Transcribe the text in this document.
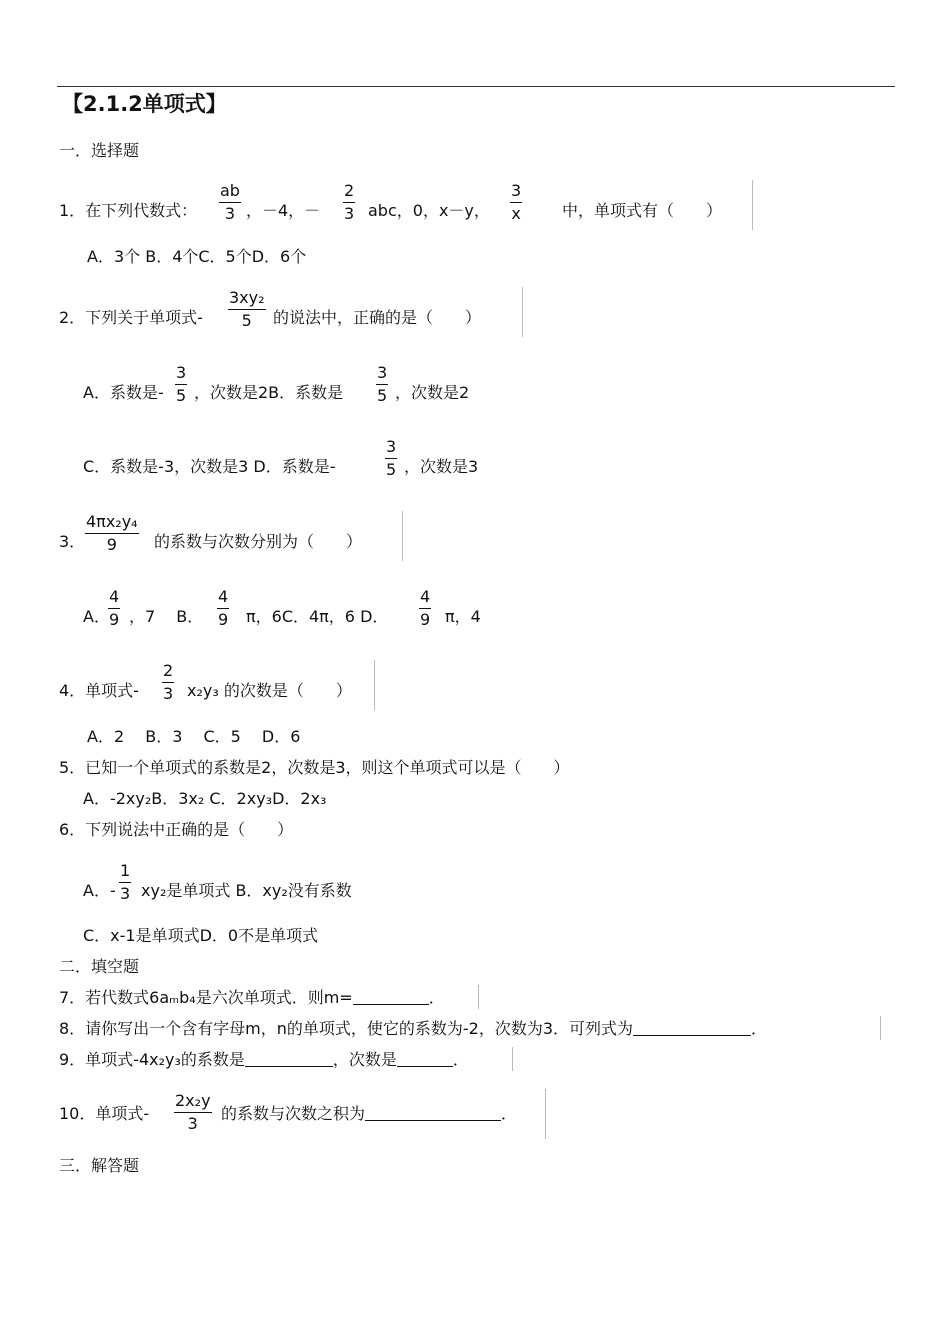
【2.1.2单项式】
一．选择题
1．在下列代数式： $\frac{ab}{3}$ ，－4，－ $\frac{2}{3}$ abc，0，x－y， $\frac{3}{x}$ 中，单项式有（　　）
A．3个 B．4个C．5个D．6个
2．下列关于单项式- $\frac{\text{3xy₂}}{5}$ 的说法中，正确的是（　　）
A．系数是- $\frac{3}{5}$ ，次数是2B．系数是 $\frac{3}{5}$ ，次数是2
C．系数是-3，次数是3 D．系数是-	$\frac{3}{5}$ ，次数是3
3． $\frac{\text{4πx₂y₄}}{9}$ 的系数与次数分别为（　　）
A．
$\frac{4}{9}$ ，7　 B． $\frac{4}{9}$ π，6C．4π，6 D． $\frac{4}{9}$ π，4
4．单项式- $\frac{2}{3} x_2y_3$ 的次数是（　　）
A．2　 B．3　 C．5　 D．6
5．已知一个单项式的系数是2，次数是3，则这个单项式可以是（　　）
A．-2xy₂B．3x₂ C．2xy₃D．2x₃
6．下列说法中正确的是（　　）
A．- $\frac{1}{3} xy_2$是单项式 B．xy₂没有系数
C．x-1是单项式D．0不是单项式
二．填空题
7．若代数式6aₘb₄是六次单项式．则m=	．
8．请你写出一个含有字母m，n的单项式，使它的系数为-2，次数为3．可列式为	．
9．单项式-4x₂y₃的系数是	，次数是	．
10．单项式- $\frac{\text{2x₂y}}{3}$ 的系数与次数之积为	．
三．解答题
